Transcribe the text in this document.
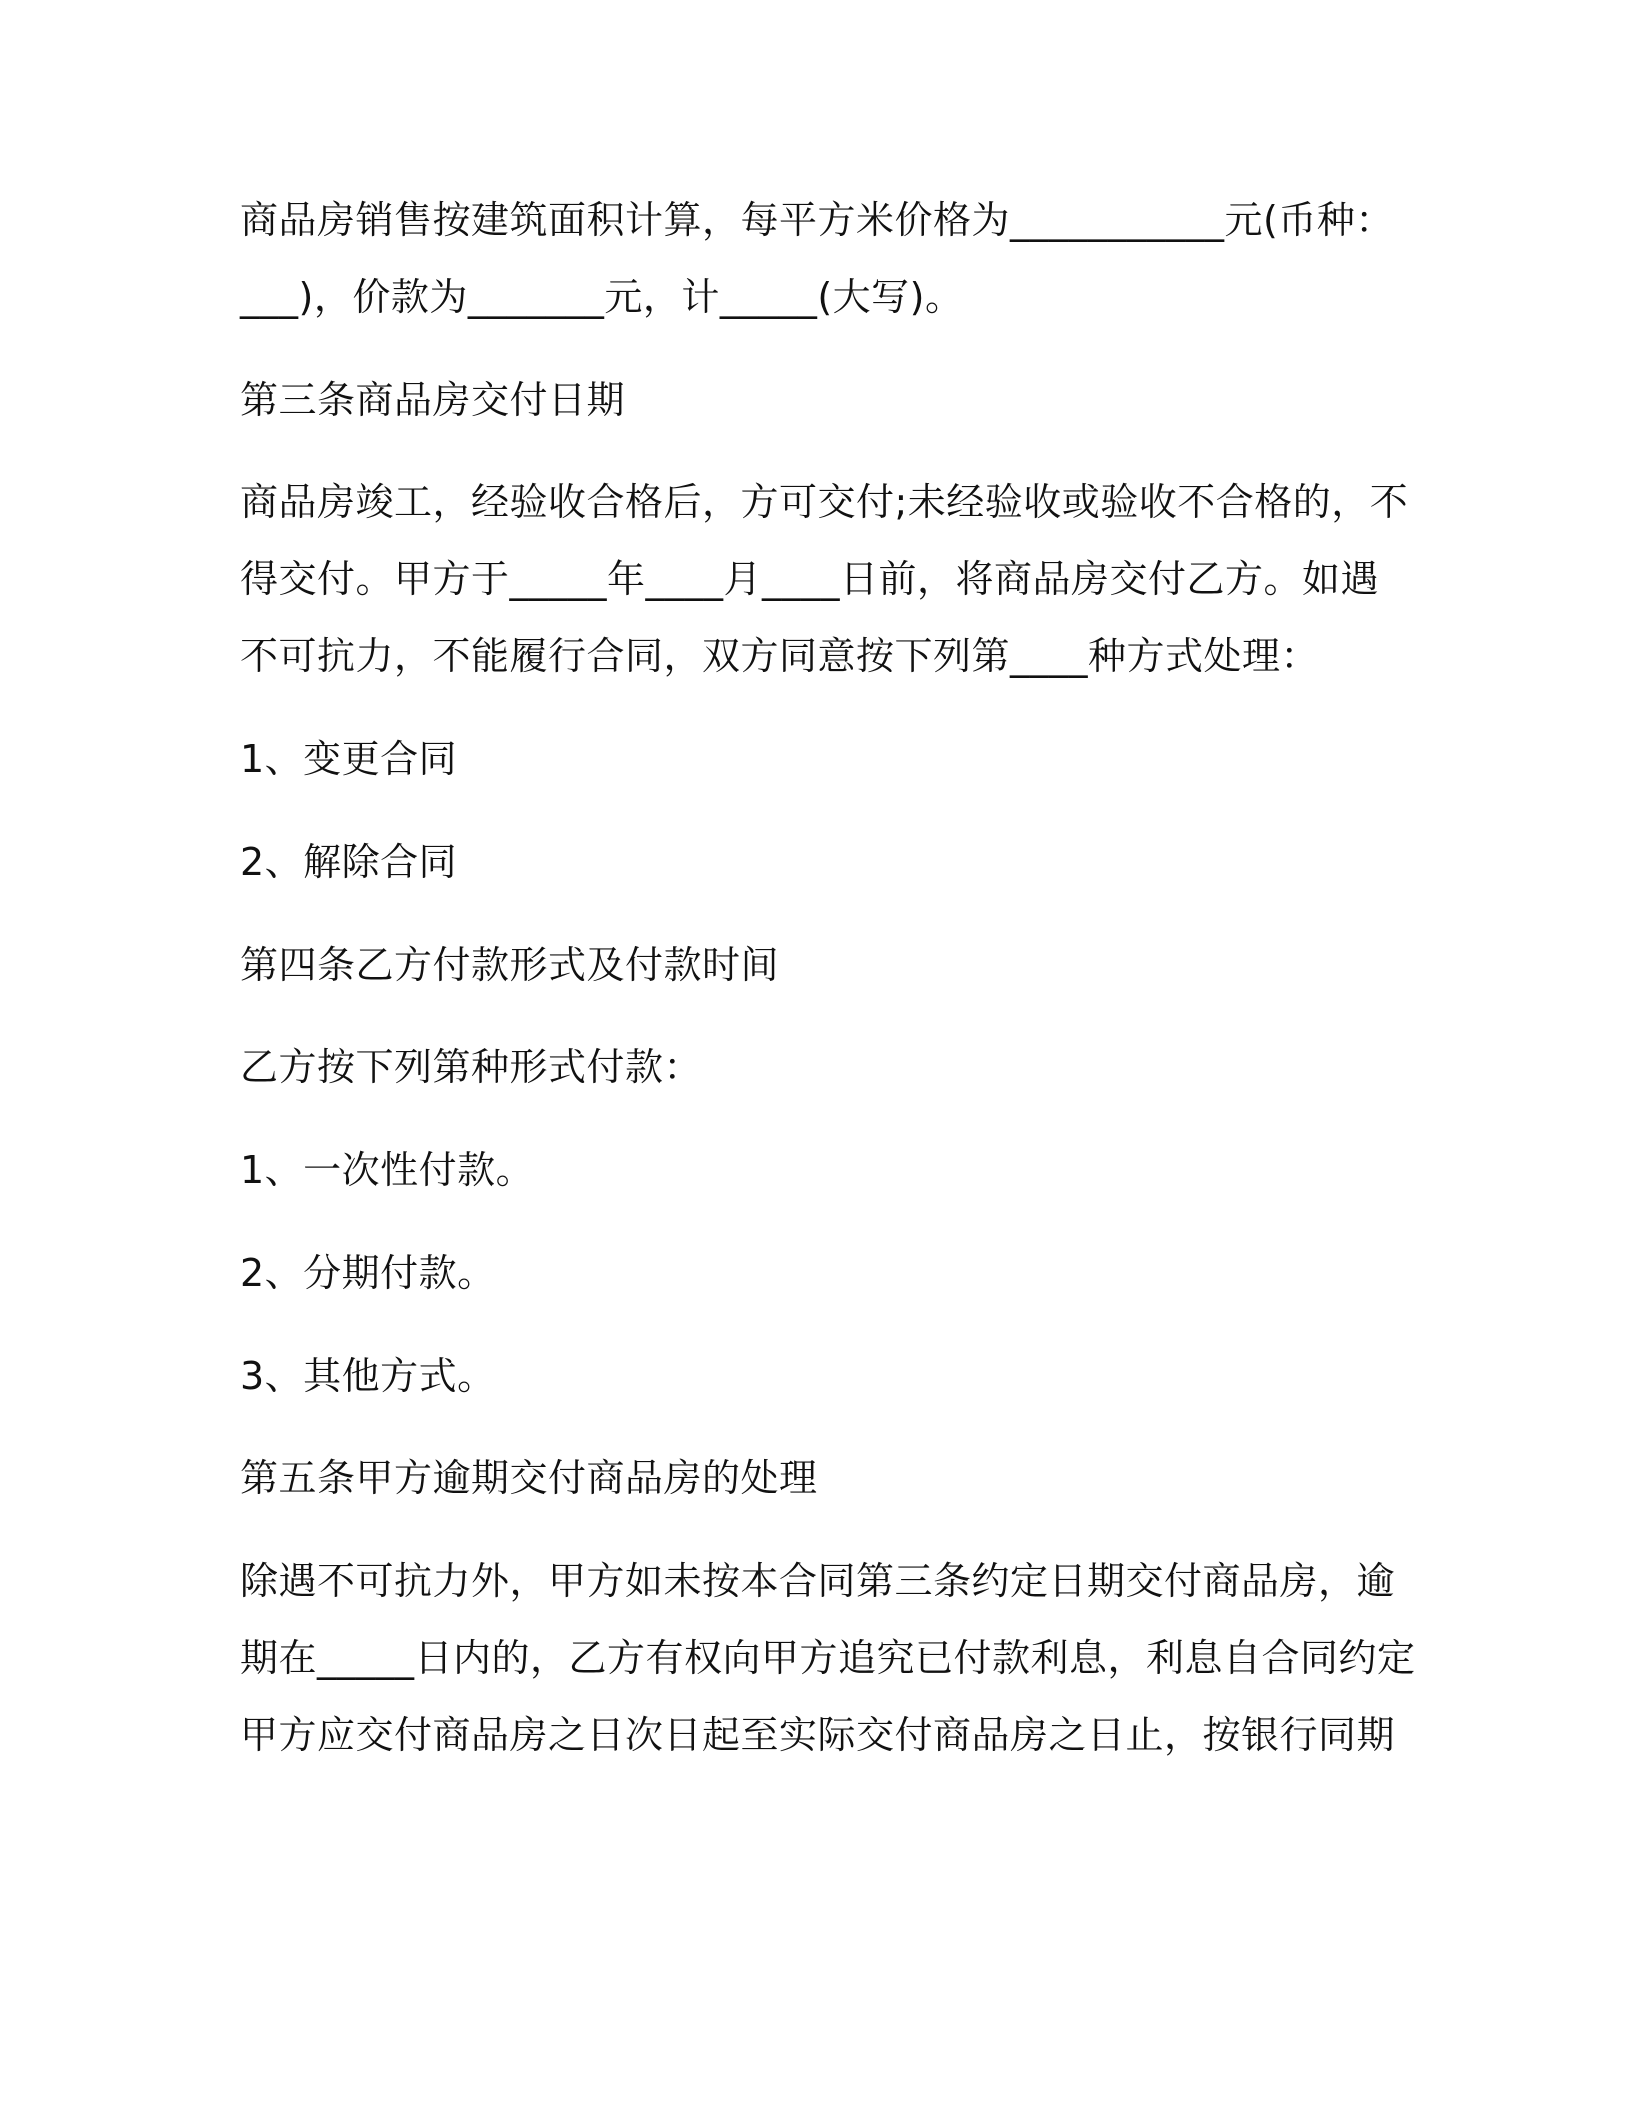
商品房销售按建筑面积计算，每平方米价格为___________元(币种：
___)，价款为_______元，计_____(大写)。
第三条商品房交付日期
商品房竣工，经验收合格后，方可交付;未经验收或验收不合格的，不
得交付。甲方于_____年____月____日前，将商品房交付乙方。如遇
不可抗力，不能履行合同，双方同意按下列第____种方式处理：
1、变更合同
2、解除合同
第四条乙方付款形式及付款时间
乙方按下列第种形式付款：
1、一次性付款。
2、分期付款。
3、其他方式。
第五条甲方逾期交付商品房的处理
除遇不可抗力外，甲方如未按本合同第三条约定日期交付商品房，逾
期在_____日内的，乙方有权向甲方追究已付款利息，利息自合同约定
甲方应交付商品房之日次日起至实际交付商品房之日止，按银行同期
